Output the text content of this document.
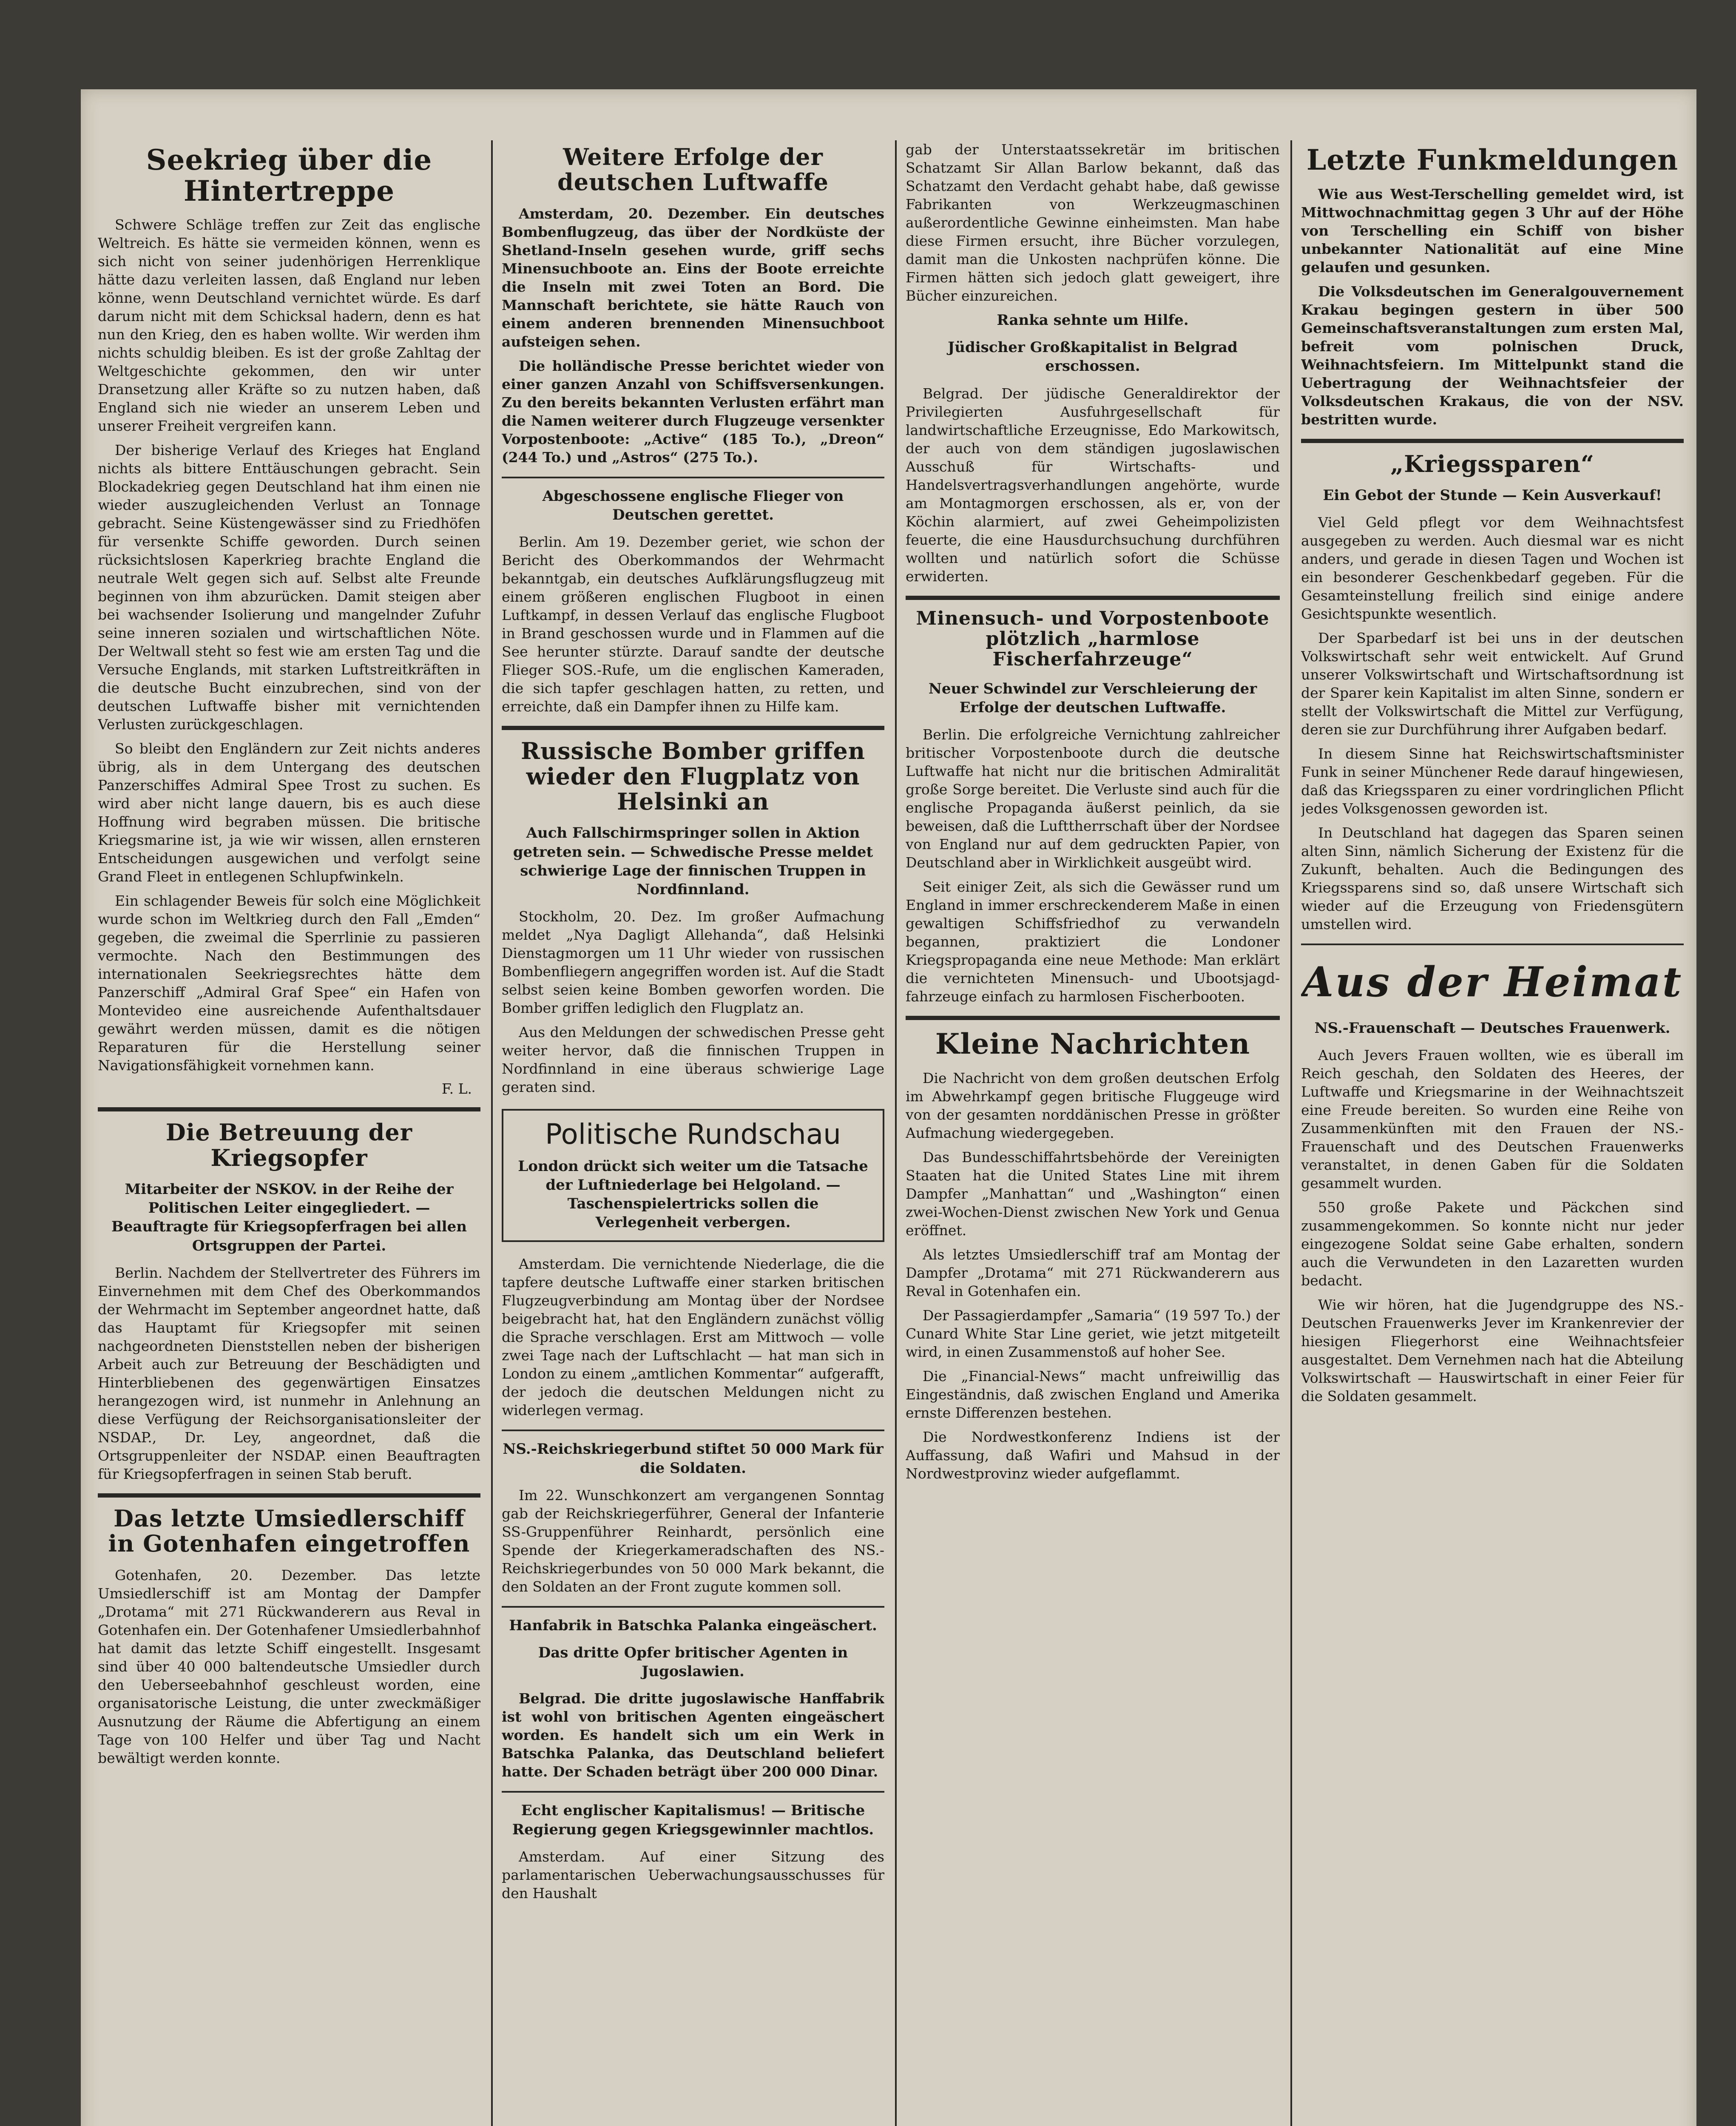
Seekrieg über die Hintertreppe

Schwere Schläge treffen zur Zeit das englische Weltreich. Es hätte sie vermeiden können, wenn es sich nicht von seiner judenhörigen Herrenklique hätte dazu verleiten lassen, daß England nur leben könne, wenn Deutschland vernichtet würde. Es darf darum nicht mit dem Schicksal hadern, denn es hat nun den Krieg, den es haben wollte. Wir werden ihm nichts schuldig bleiben. Es ist der große Zahltag der Weltgeschichte gekommen, den wir unter Dransetzung aller Kräfte so zu nutzen haben, daß England sich nie wieder an unserem Leben und unserer Freiheit vergreifen kann.

Der bisherige Verlauf des Krieges hat England nichts als bittere Enttäuschungen gebracht. Sein Blockadekrieg gegen Deutschland hat ihm einen nie wieder auszugleichenden Verlust an Tonnage gebracht. Seine Küstengewässer sind zu Friedhöfen für versenkte Schiffe geworden. Durch seinen rücksichtslosen Kaperkrieg brachte England die neutrale Welt gegen sich auf. Selbst alte Freunde beginnen von ihm abzurücken. Damit steigen aber bei wachsender Isolierung und mangelnder Zufuhr seine inneren sozialen und wirtschaftlichen Nöte. Der Weltwall steht so fest wie am ersten Tag und die Versuche Englands, mit starken Luftstreitkräften in die deutsche Bucht einzubrechen, sind von der deutschen Luftwaffe bisher mit vernichtenden Verlusten zurückgeschlagen.

So bleibt den Engländern zur Zeit nichts anderes übrig, als in dem Untergang des deutschen Panzerschiffes Admiral Spee Trost zu suchen. Es wird aber nicht lange dauern, bis es auch diese Hoffnung wird begraben müssen. Die britische Kriegsmarine ist, ja wie wir wissen, allen ernsteren Entscheidungen ausgewichen und verfolgt seine Grand Fleet in entlegenen Schlupfwinkeln.

Ein schlagender Beweis für solch eine Möglichkeit wurde schon im Weltkrieg durch den Fall „Emden“ gegeben, die zweimal die Sperrlinie zu passieren vermochte. Nach den Bestimmungen des internationalen Seekriegsrechtes hätte dem Panzerschiff „Admiral Graf Spee“ ein Hafen von Montevideo eine ausreichende Aufenthaltsdauer gewährt werden müssen, damit es die nötigen Reparaturen für die Herstellung seiner Navigationsfähigkeit vornehmen kann.

F. L.
Die Betreuung der Kriegsopfer
Mitarbeiter der NSKOV. in der Reihe der Politischen Leiter eingegliedert. — Beauftragte für Kriegsopferfragen bei allen Ortsgruppen der Partei.

Berlin. Nachdem der Stellvertreter des Führers im Einvernehmen mit dem Chef des Oberkommandos der Wehrmacht im September angeordnet hatte, daß das Hauptamt für Kriegsopfer mit seinen nachgeordneten Dienststellen neben der bisherigen Arbeit auch zur Betreuung der Beschädigten und Hinterbliebenen des gegenwärtigen Einsatzes herangezogen wird, ist nunmehr in Anlehnung an diese Verfügung der Reichsorganisationsleiter der NSDAP., Dr. Ley, angeordnet, daß die Ortsgruppenleiter der NSDAP. einen Beauftragten für Kriegsopferfragen in seinen Stab beruft.

Das letzte Umsiedlerschiff in Gotenhafen eingetroffen

Gotenhafen, 20. Dezember. Das letzte Umsiedlerschiff ist am Montag der Dampfer „Drotama“ mit 271 Rückwanderern aus Reval in Gotenhafen ein. Der Gotenhafener Umsiedlerbahnhof hat damit das letzte Schiff eingestellt. Insgesamt sind über 40 000 baltendeutsche Umsiedler durch den Ueberseebahnhof geschleust worden, eine organisatorische Leistung, die unter zweckmäßiger Ausnutzung der Räume die Abfertigung an einem Tage von 100 Helfer und über Tag und Nacht bewältigt werden konnte.

Weitere Erfolge der deutschen Luftwaffe

Amsterdam, 20. Dezember. Ein deutsches Bombenflugzeug, das über der Nordküste der Shetland-Inseln gesehen wurde, griff sechs Minensuchboote an. Eins der Boote erreichte die Inseln mit zwei Toten an Bord. Die Mannschaft berichtete, sie hätte Rauch von einem anderen brennenden Minensuchboot aufsteigen sehen.

Die holländische Presse berichtet wieder von einer ganzen Anzahl von Schiffsversenkungen. Zu den bereits bekannten Verlusten erfährt man die Namen weiterer durch Flugzeuge versenkter Vorpostenboote: „Active“ (185 To.), „Dreon“ (244 To.) und „Astros“ (275 To.).

Abgeschossene englische Flieger von Deutschen gerettet.

Berlin. Am 19. Dezember geriet, wie schon der Bericht des Oberkommandos der Wehrmacht bekanntgab, ein deutsches Aufklärungsflugzeug mit einem größeren englischen Flugboot in einen Luftkampf, in dessen Verlauf das englische Flugboot in Brand geschossen wurde und in Flammen auf die See herunter stürzte. Darauf sandte der deutsche Flieger SOS.-Rufe, um die englischen Kameraden, die sich tapfer geschlagen hatten, zu retten, und erreichte, daß ein Dampfer ihnen zu Hilfe kam.

Russische Bomber griffen wieder den Flugplatz von Helsinki an
Auch Fallschirmspringer sollen in Aktion getreten sein. — Schwedische Presse meldet schwierige Lage der finnischen Truppen in Nordfinnland.

Stockholm, 20. Dez. Im großer Aufmachung meldet „Nya Dagligt Allehanda“, daß Helsinki Dienstagmorgen um 11 Uhr wieder von russischen Bombenfliegern angegriffen worden ist. Auf die Stadt selbst seien keine Bomben geworfen worden. Die Bomber griffen lediglich den Flugplatz an.

Aus den Meldungen der schwedischen Presse geht weiter hervor, daß die finnischen Truppen in Nordfinnland in eine überaus schwierige Lage geraten sind.

Politische Rundschau
London drückt sich weiter um die Tatsache der Luftniederlage bei Helgoland. — Taschenspielertricks sollen die Verlegenheit verbergen.

Amsterdam. Die vernichtende Niederlage, die die tapfere deutsche Luftwaffe einer starken britischen Flugzeugverbindung am Montag über der Nordsee beigebracht hat, hat den Engländern zunächst völlig die Sprache verschlagen. Erst am Mittwoch — volle zwei Tage nach der Luftschlacht — hat man sich in London zu einem „amtlichen Kommentar“ aufgerafft, der jedoch die deutschen Meldungen nicht zu widerlegen vermag.

NS.-Reichskriegerbund stiftet 50 000 Mark für die Soldaten.

Im 22. Wunschkonzert am vergangenen Sonntag gab der Reichskriegerführer, General der Infanterie SS-Gruppenführer Reinhardt, persönlich eine Spende der Kriegerkameradschaften des NS.-Reichskriegerbundes von 50 000 Mark bekannt, die den Soldaten an der Front zugute kommen soll.

Hanfabrik in Batschka Palanka eingeäschert.
Das dritte Opfer britischer Agenten in Jugoslawien.

Belgrad. Die dritte jugoslawische Hanffabrik ist wohl von britischen Agenten eingeäschert worden. Es handelt sich um ein Werk in Batschka Palanka, das Deutschland beliefert hatte. Der Schaden beträgt über 200 000 Dinar.

Echt englischer Kapitalismus! — Britische Regierung gegen Kriegsgewinnler machtlos.

Amsterdam. Auf einer Sitzung des parlamentarischen Ueberwachungsausschusses für den Haushalt

gab der Unterstaatssekretär im britischen Schatzamt Sir Allan Barlow bekannt, daß das Schatzamt den Verdacht gehabt habe, daß gewisse Fabrikanten von Werkzeugmaschinen außerordentliche Gewinne einheimsten. Man habe diese Firmen ersucht, ihre Bücher vorzulegen, damit man die Unkosten nachprüfen könne. Die Firmen hätten sich jedoch glatt geweigert, ihre Bücher einzureichen.

Ranka sehnte um Hilfe.
Jüdischer Großkapitalist in Belgrad erschossen.

Belgrad. Der jüdische Generaldirektor der Privilegierten Ausfuhrgesellschaft für landwirtschaftliche Erzeugnisse, Edo Markowitsch, der auch von dem ständigen jugoslawischen Ausschuß für Wirtschafts- und Handelsvertragsverhandlungen angehörte, wurde am Montagmorgen erschossen, als er, von der Köchin alarmiert, auf zwei Geheimpolizisten feuerte, die eine Hausdurchsuchung durchführen wollten und natürlich sofort die Schüsse erwiderten.

Minensuch- und Vorpostenboote plötzlich „harmlose Fischerfahrzeuge“
Neuer Schwindel zur Verschleierung der Erfolge der deutschen Luftwaffe.

Berlin. Die erfolgreiche Vernichtung zahlreicher britischer Vorpostenboote durch die deutsche Luftwaffe hat nicht nur die britischen Admiralität große Sorge bereitet. Die Verluste sind auch für die englische Propaganda äußerst peinlich, da sie beweisen, daß die Lufttherrschaft über der Nordsee von England nur auf dem gedruckten Papier, von Deutschland aber in Wirklichkeit ausgeübt wird.

Seit einiger Zeit, als sich die Gewässer rund um England in immer erschreckenderem Maße in einen gewaltigen Schiffsfriedhof zu verwandeln begannen, praktiziert die Londoner Kriegspropaganda eine neue Methode: Man erklärt die vernichteten Minensuch- und Ubootsjagdfahrzeuge einfach zu harmlosen Fischerbooten.

Kleine Nachrichten

Die Nachricht von dem großen deutschen Erfolg im Abwehrkampf gegen britische Fluggeuge wird von der gesamten norddänischen Presse in größter Aufmachung wiedergegeben.

Das Bundesschiffahrtsbehörde der Vereinigten Staaten hat die United States Line mit ihrem Dampfer „Manhattan“ und „Washington“ einen zwei-Wochen-Dienst zwischen New York und Genua eröffnet.

Als letztes Umsiedlerschiff traf am Montag der Dampfer „Drotama“ mit 271 Rückwanderern aus Reval in Gotenhafen ein.

Der Passagierdampfer „Samaria“ (19 597 To.) der Cunard White Star Line geriet, wie jetzt mitgeteilt wird, in einen Zusammenstoß auf hoher See.

Die „Financial-News“ macht unfreiwillig das Eingeständnis, daß zwischen England und Amerika ernste Differenzen bestehen.

Die Nordwestkonferenz Indiens ist der Auffassung, daß Wafiri und Mahsud in der Nordwestprovinz wieder aufgeflammt.

Letzte Funkmeldungen

Wie aus West-Terschelling gemeldet wird, ist Mittwochnachmittag gegen 3 Uhr auf der Höhe von Terschelling ein Schiff von bisher unbekannter Nationalität auf eine Mine gelaufen und gesunken.

Die Volksdeutschen im Generalgouvernement Krakau begingen gestern in über 500 Gemeinschaftsveranstaltungen zum ersten Mal, befreit vom polnischen Druck, Weihnachtsfeiern. Im Mittelpunkt stand die Uebertragung der Weihnachtsfeier der Volksdeutschen Krakaus, die von der NSV. bestritten wurde.

„Kriegssparen“
Ein Gebot der Stunde — Kein Ausverkauf!

Viel Geld pflegt vor dem Weihnachtsfest ausgegeben zu werden. Auch diesmal war es nicht anders, und gerade in diesen Tagen und Wochen ist ein besonderer Geschenkbedarf gegeben. Für die Gesamteinstellung freilich sind einige andere Gesichtspunkte wesentlich.

Der Sparbedarf ist bei uns in der deutschen Volkswirtschaft sehr weit entwickelt. Auf Grund unserer Volkswirtschaft und Wirtschaftsordnung ist der Sparer kein Kapitalist im alten Sinne, sondern er stellt der Volkswirtschaft die Mittel zur Verfügung, deren sie zur Durchführung ihrer Aufgaben bedarf.

In diesem Sinne hat Reichswirtschaftsminister Funk in seiner Münchener Rede darauf hingewiesen, daß das Kriegssparen zu einer vordringlichen Pflicht jedes Volksgenossen geworden ist.

In Deutschland hat dagegen das Sparen seinen alten Sinn, nämlich Sicherung der Existenz für die Zukunft, behalten. Auch die Bedingungen des Kriegssparens sind so, daß unsere Wirtschaft sich wieder auf die Erzeugung von Friedensgütern umstellen wird.

Aus der Heimat
NS.-Frauenschaft — Deutsches Frauenwerk.

Auch Jevers Frauen wollten, wie es überall im Reich geschah, den Soldaten des Heeres, der Luftwaffe und Kriegsmarine in der Weihnachtszeit eine Freude bereiten. So wurden eine Reihe von Zusammenkünften mit den Frauen der NS.-Frauenschaft und des Deutschen Frauenwerks veranstaltet, in denen Gaben für die Soldaten gesammelt wurden.

550 große Pakete und Päckchen sind zusammengekommen. So konnte nicht nur jeder eingezogene Soldat seine Gabe erhalten, sondern auch die Verwundeten in den Lazaretten wurden bedacht.

Wie wir hören, hat die Jugendgruppe des NS.-Deutschen Frauenwerks Jever im Krankenrevier der hiesigen Fliegerhorst eine Weihnachtsfeier ausgestaltet. Dem Vernehmen nach hat die Abteilung Volkswirtschaft — Hauswirtschaft in einer Feier für die Soldaten gesammelt.
